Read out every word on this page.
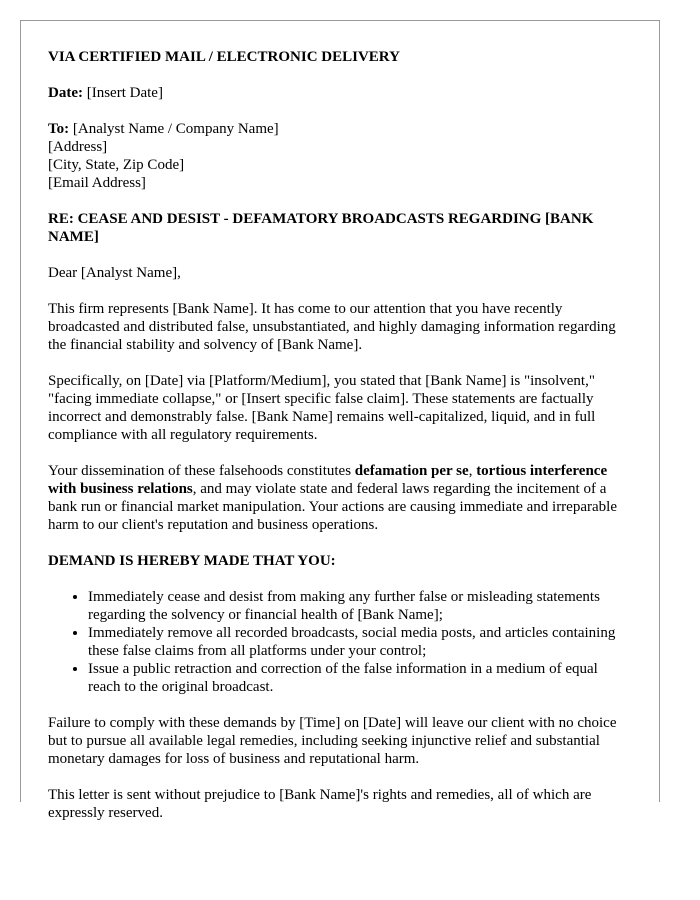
VIA CERTIFIED MAIL / ELECTRONIC DELIVERY

Date: [Insert Date]

To: [Analyst Name / Company Name]
[Address]
[City, State, Zip Code]
[Email Address]

RE: CEASE AND DESIST - DEFAMATORY BROADCASTS REGARDING [BANK NAME]

Dear [Analyst Name],

This firm represents [Bank Name]. It has come to our attention that you have recently broadcasted and distributed false, unsubstantiated, and highly damaging information regarding the financial stability and solvency of [Bank Name].

Specifically, on [Date] via [Platform/Medium], you stated that [Bank Name] is "insolvent," "facing immediate collapse," or [Insert specific false claim]. These statements are factually incorrect and demonstrably false. [Bank Name] remains well-capitalized, liquid, and in full compliance with all regulatory requirements.

Your dissemination of these falsehoods constitutes defamation per se, tortious interference with business relations, and may violate state and federal laws regarding the incitement of a bank run or financial market manipulation. Your actions are causing immediate and irreparable harm to our client's reputation and business operations.

DEMAND IS HEREBY MADE THAT YOU:
• Immediately cease and desist from making any further false or misleading statements regarding the solvency or financial health of [Bank Name];
• Immediately remove all recorded broadcasts, social media posts, and articles containing these false claims from all platforms under your control;
• Issue a public retraction and correction of the false information in a medium of equal reach to the original broadcast.

Failure to comply with these demands by [Time] on [Date] will leave our client with no choice but to pursue all available legal remedies, including seeking injunctive relief and substantial monetary damages for loss of business and reputational harm.

This letter is sent without prejudice to [Bank Name]'s rights and remedies, all of which are expressly reserved.
